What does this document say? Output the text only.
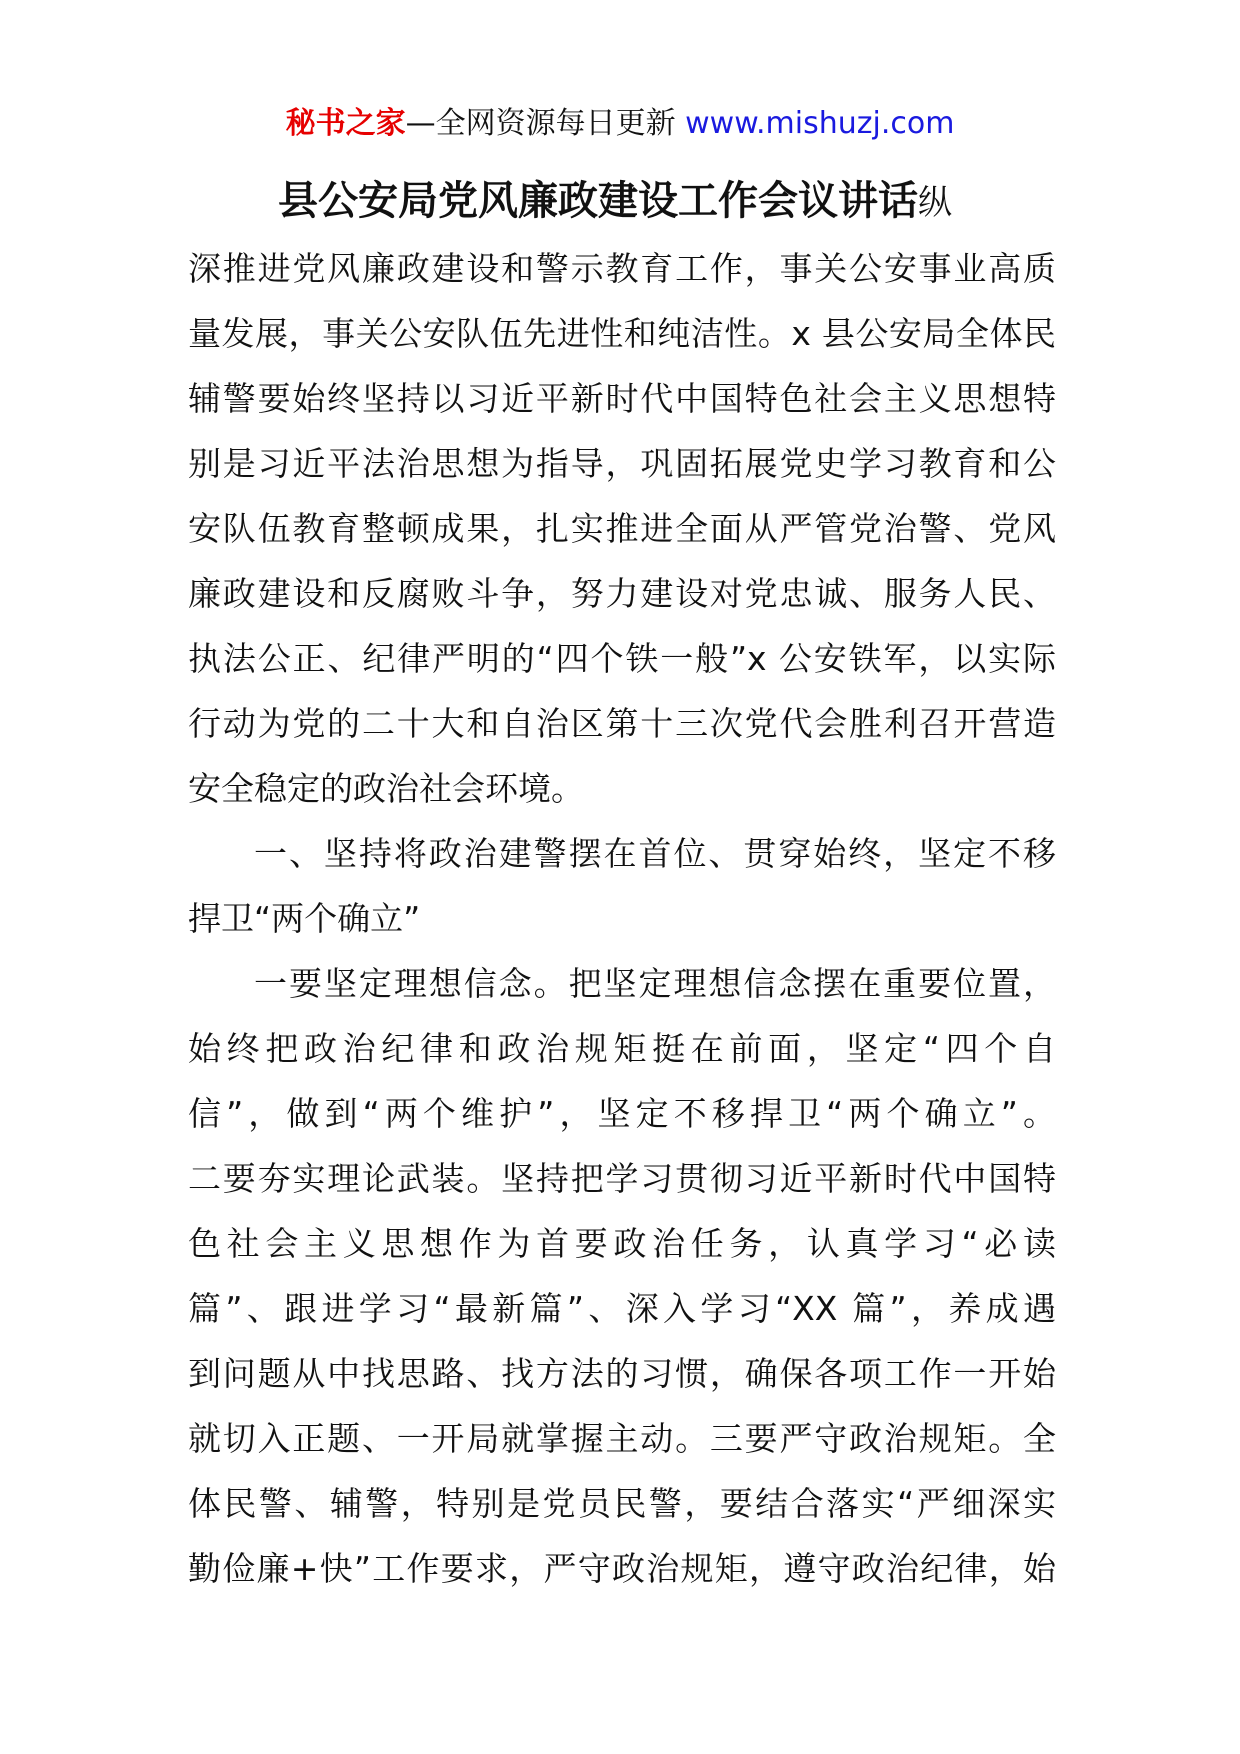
秘书之家—全网资源每日更新 www.mishuzj.com
县公安局党风廉政建设工作会议讲话纵
深推进党风廉政建设和警示教育工作，事关公安事业高质
量发展，事关公安队伍先进性和纯洁性。x 县公安局全体民
辅警要始终坚持以习近平新时代中国特色社会主义思想特
别是习近平法治思想为指导，巩固拓展党史学习教育和公
安队伍教育整顿成果，扎实推进全面从严管党治警、党风
廉政建设和反腐败斗争，努力建设对党忠诚、服务人民、
执法公正、纪律严明的“四个铁一般”x 公安铁军，以实际
行动为党的二十大和自治区第十三次党代会胜利召开营造
安全稳定的政治社会环境。
一、坚持将政治建警摆在首位、贯穿始终，坚定不移
捍卫“两个确立”
一要坚定理想信念。把坚定理想信念摆在重要位置，
始终把政治纪律和政治规矩挺在前面，坚定“四个自
信”，做到“两个维护”，坚定不移捍卫“两个确立”。
二要夯实理论武装。坚持把学习贯彻习近平新时代中国特
色社会主义思想作为首要政治任务，认真学习“必读
篇”、跟进学习“最新篇”、深入学习“XX 篇”，养成遇
到问题从中找思路、找方法的习惯，确保各项工作一开始
就切入正题、一开局就掌握主动。三要严守政治规矩。全
体民警、辅警，特别是党员民警，要结合落实“严细深实
勤俭廉+快”工作要求，严守政治规矩，遵守政治纪律，始
